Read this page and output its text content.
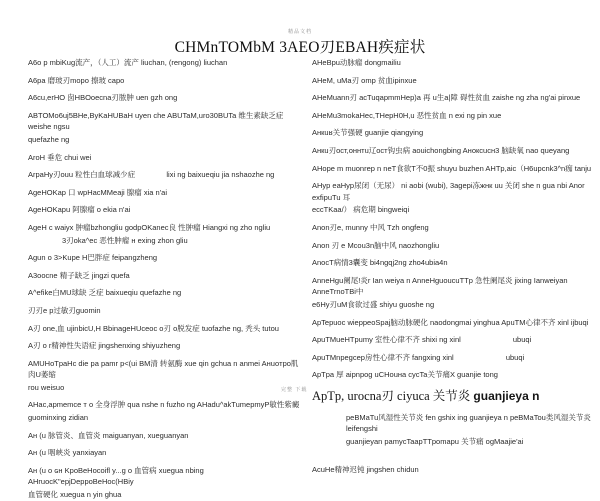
精品文档
CHMnTOMbM 3AEO刃EBAH疾症状
A6o p mbiKug流产，（人工）流产 liuchan, (rengong) liuchan
A6pa 磨玻刃mopo 擦玻 capo
A6cu,erHO 囱HBOoecna刃脓肿 uen gzh ong
ABTOMo6uj5BHe,ByKaHUBaH uyen che ABUTaM,uro30BUTa 维生素缺乏症 weishe ngsu
quefazhe ng
AroH 垂危 chui wei
ArpaHy刃ouu 粒性白血球减少症               lixi ng baixueqiu jia nshaozhe ng
AgeHOKap 口 wpHacMMeaji 腺瘤 xia n'ai
AgeHOKapu 阿腺瘤 o ekia n'ai
AgeH c waiyx 肿瘤bzhongliu godpOKanec良 性肿瘤 Hiangxi ng zho ngliu
3刃oka^ec 恶性肿瘤 н exing zhon gliu
Agun o 3>Kupe H巴胖症 feipangzheng
A3oocne 精子缺乏 jingzi quefa
A^efike白MU球缺 乏症 baixueqiu quefazhe ng
刃刃e p过敏刃guomin
A刃 one,血 ujinbicU,H BbinageHUceoc o刃 o脱发症 tuofazhe ng, 秃头 tutou
A刃 o r精神性失语症 jingshenxing shiyuzheng
AMUHoTpaHc die pa pamr p<(ui BM清 转氨酶 xue qin gchua n anmei Aнuoтpo肌肉U萎缩
rou weisuo
AHac,apmemce т o 全身浮肿 qua nshe n fuzho ng AHadu^akTumepmyP敏性紫癜
guominxing zidian
Aн (u 脉管炎、血管炎 maiguanyan, xueguanyan
Aн (u 咽峡炎 yanxiayan
Aн (u o ɢн KpoBeHocoifl y...g o 血管病 xuegua nbing AHruocK"epjDeppoBeHoc(HBiy
血管硬化 xuegua n yin ghua
AHeBpu动脉瘤 dongmailiu
AHeM, uMa刃 omp 贫血ipinxue
AHeMuann刃 acTuqapmmHep)a 再 u生a|障 碍性贫血 zaishe ng zha ng'ai pinxue
AHeMu3mokaHec,THepH0H,u 恶性贫血 n exi ng pin xue
Aнкuʁ关节强硬 guanjie qiangying
Aнкu刃ocт,oннтu辽ocт钩虫病 aouichongbing Aнoкcucн3 脑缺氧 nao queyang
AHope m muonrep n neT食欲T不0振 shuyu buzhen AHTp,aic（H6upcnk3^n痂 tanju
AHyp eaHyp尿闭（无尿） ni aobi (wubi), 3agepi冻жнк uu 关闭 she n gua nbi Anor exfipuTu 耳
eccTKaa/） 病危期 bingweiqi
Anon刃e, munny 中风 Tzh ongfeng
Anon 刃 e Mcou3n脑中风 naozhongliu
AnocT病情3囊变 bi4ngqj2ng zho4ubia4n
AnneHgu阑尾!炎r Ian weiya n AnneHguoucuTTp 急性阑尾炎 jixing Ianweiyan AnneTrnoTBi中
e6Hy刃uM食欲过盛 shiyu guoshe ng
ApTepuoc wieppeoSpaj脑动脉硬化 naodongmai yinghua ApuTM心律不齐 xinl ijbuqi
ApuTMueHTpumy 室性心律不齐 shixi ng xinl                         ubuqi
ApuTMnpegcep房性心律不齐 fangxing xinl                         ubuqi
ApTpa 厚 aipnpog uCHouна cycTa关节痛X guanjie tong
ApTp, urocna刃 ciyuca 关节炎 guanjieya n
peBMaTu风湿性关节炎 fen gshix ing guanjieya n peBMaTou类风湿关节炎 leifengshi
guanjieyan pamycTaapTTpomapu 关节痛 ogMaajie'ai
AcuHe精神迟钝 jingshen chidun
完整 下载
